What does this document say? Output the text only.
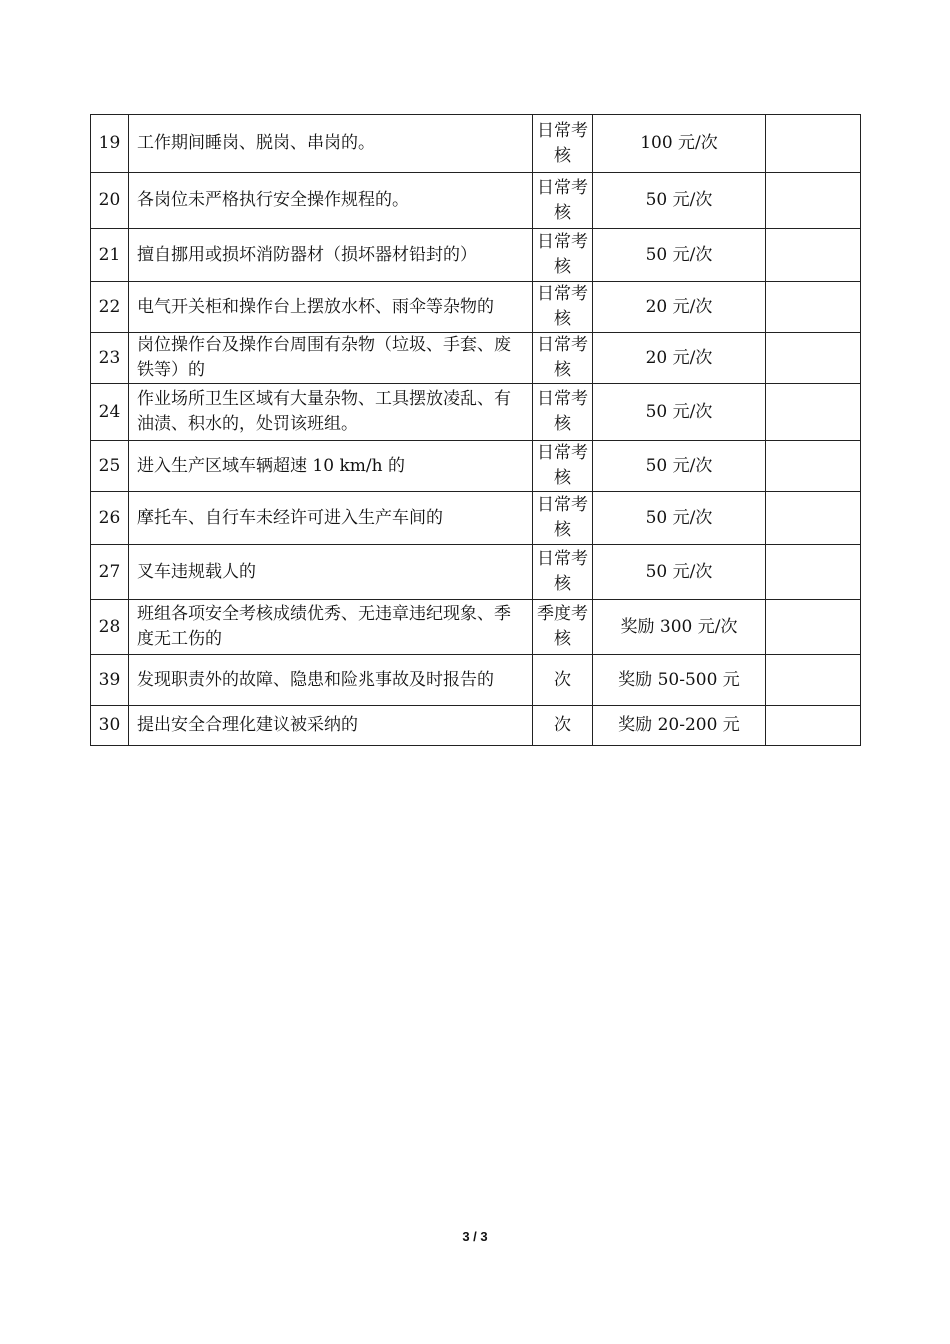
19	工作期间睡岗、脱岗、串岗的。	日常考核	100 元/次	
20	各岗位未严格执行安全操作规程的。	日常考核	50 元/次	
21	擅自挪用或损坏消防器材（损坏器材铅封的）	日常考核	50 元/次	
22	电气开关柜和操作台上摆放水杯、雨伞等杂物的	日常考核	20 元/次	
23	岗位操作台及操作台周围有杂物（垃圾、手套、废铁等）的	日常考核	20 元/次	
24	作业场所卫生区域有大量杂物、工具摆放凌乱、有油渍、积水的，处罚该班组。	日常考核	50 元/次	
25	进入生产区域车辆超速 10 km/h 的	日常考核	50 元/次	
26	摩托车、自行车未经许可进入生产车间的	日常考核	50 元/次	
27	叉车违规载人的	日常考核	50 元/次	
28	班组各项安全考核成绩优秀、无违章违纪现象、季度无工伤的	季度考核	奖励 300 元/次	
39	发现职责外的故障、隐患和险兆事故及时报告的	次	奖励 50-500 元	
30	提出安全合理化建议被采纳的	次	奖励 20-200 元	
3 / 3
